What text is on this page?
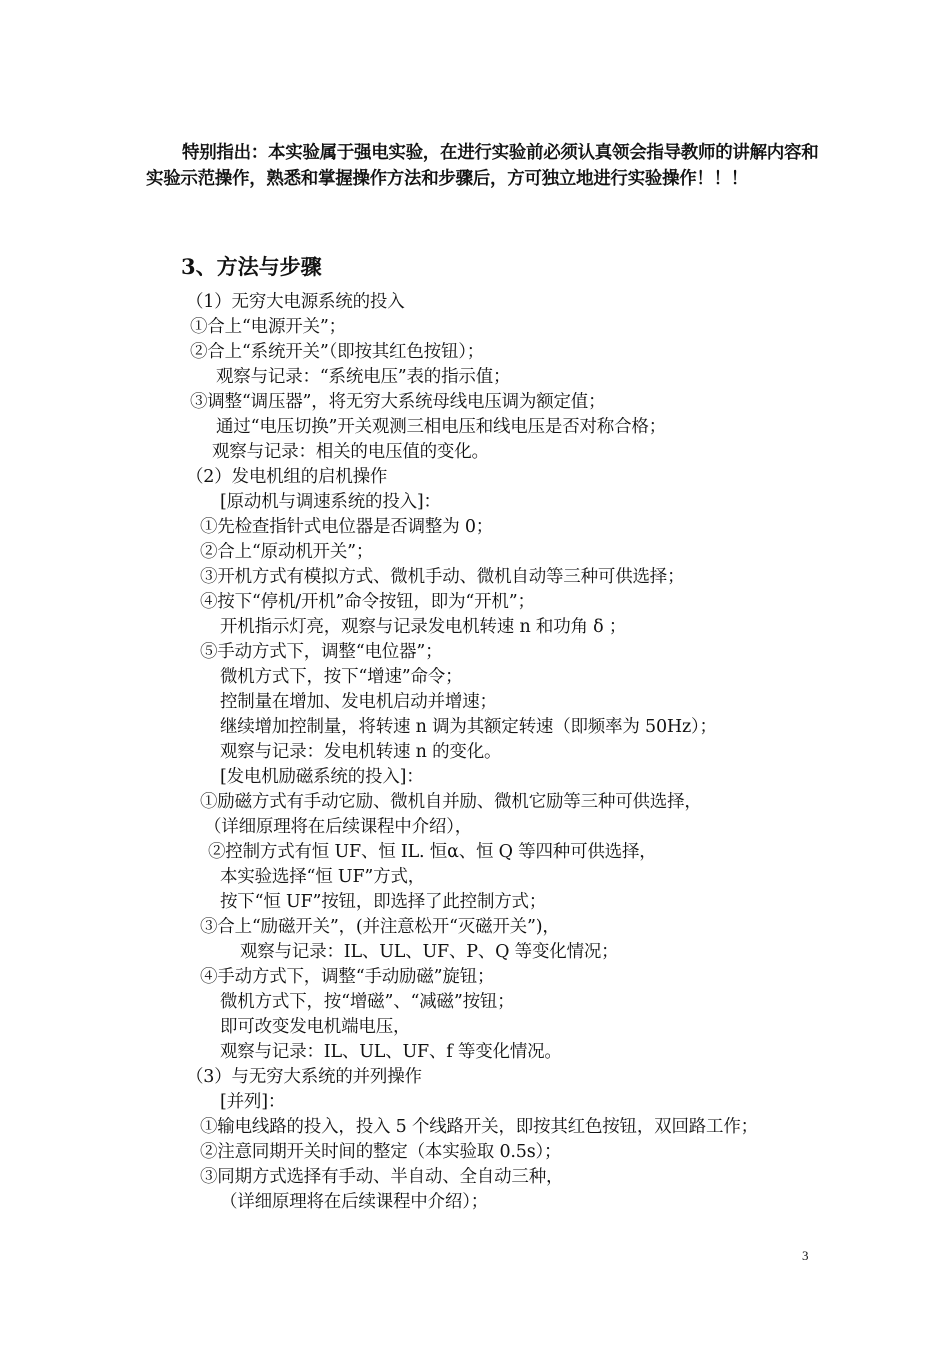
特别指出：本实验属于强电实验，在进行实验前必须认真领会指导教师的讲解内容和实验示范操作，熟悉和掌握操作方法和步骤后，方可独立地进行实验操作！！！
3、方法与步骤
（1）无穷大电源系统的投入
①合上“电源开关”；
②合上“系统开关”（即按其红色按钮）；
观察与记录：“系统电压”表的指示值；
③调整“调压器”，将无穷大系统母线电压调为额定值；
通过“电压切换”开关观测三相电压和线电压是否对称合格；
观察与记录：相关的电压值的变化。
（2）发电机组的启机操作
[原动机与调速系统的投入]：
①先检查指针式电位器是否调整为 0；
②合上“原动机开关”；
③开机方式有模拟方式、微机手动、微机自动等三种可供选择；
④按下“停机/开机”命令按钮，即为“开机”；
开机指示灯亮，观察与记录发电机转速 n 和功角 δ ；
⑤手动方式下，调整“电位器”；
微机方式下，按下“增速”命令；
控制量在增加、发电机启动并增速；
继续增加控制量，将转速 n 调为其额定转速（即频率为 50Hz）；
观察与记录：发电机转速 n 的变化。
[发电机励磁系统的投入]：
①励磁方式有手动它励、微机自并励、微机它励等三种可供选择，
（详细原理将在后续课程中介绍），
②控制方式有恒 UF、恒 IL. 恒α、恒 Q 等四种可供选择，
本实验选择“恒 UF”方式，
按下“恒 UF”按钮，即选择了此控制方式；
③合上“励磁开关”，(并注意松开“灭磁开关”)，
观察与记录：IL、UL、UF、P、Q 等变化情况；
④手动方式下，调整“手动励磁”旋钮；
微机方式下，按“增磁”、“减磁”按钮；
即可改变发电机端电压，
观察与记录：IL、UL、UF、f 等变化情况。
（3）与无穷大系统的并列操作
[并列]：
①输电线路的投入，投入 5 个线路开关，即按其红色按钮，双回路工作；
②注意同期开关时间的整定（本实验取 0.5s）；
③同期方式选择有手动、半自动、全自动三种，
（详细原理将在后续课程中介绍）；
3
